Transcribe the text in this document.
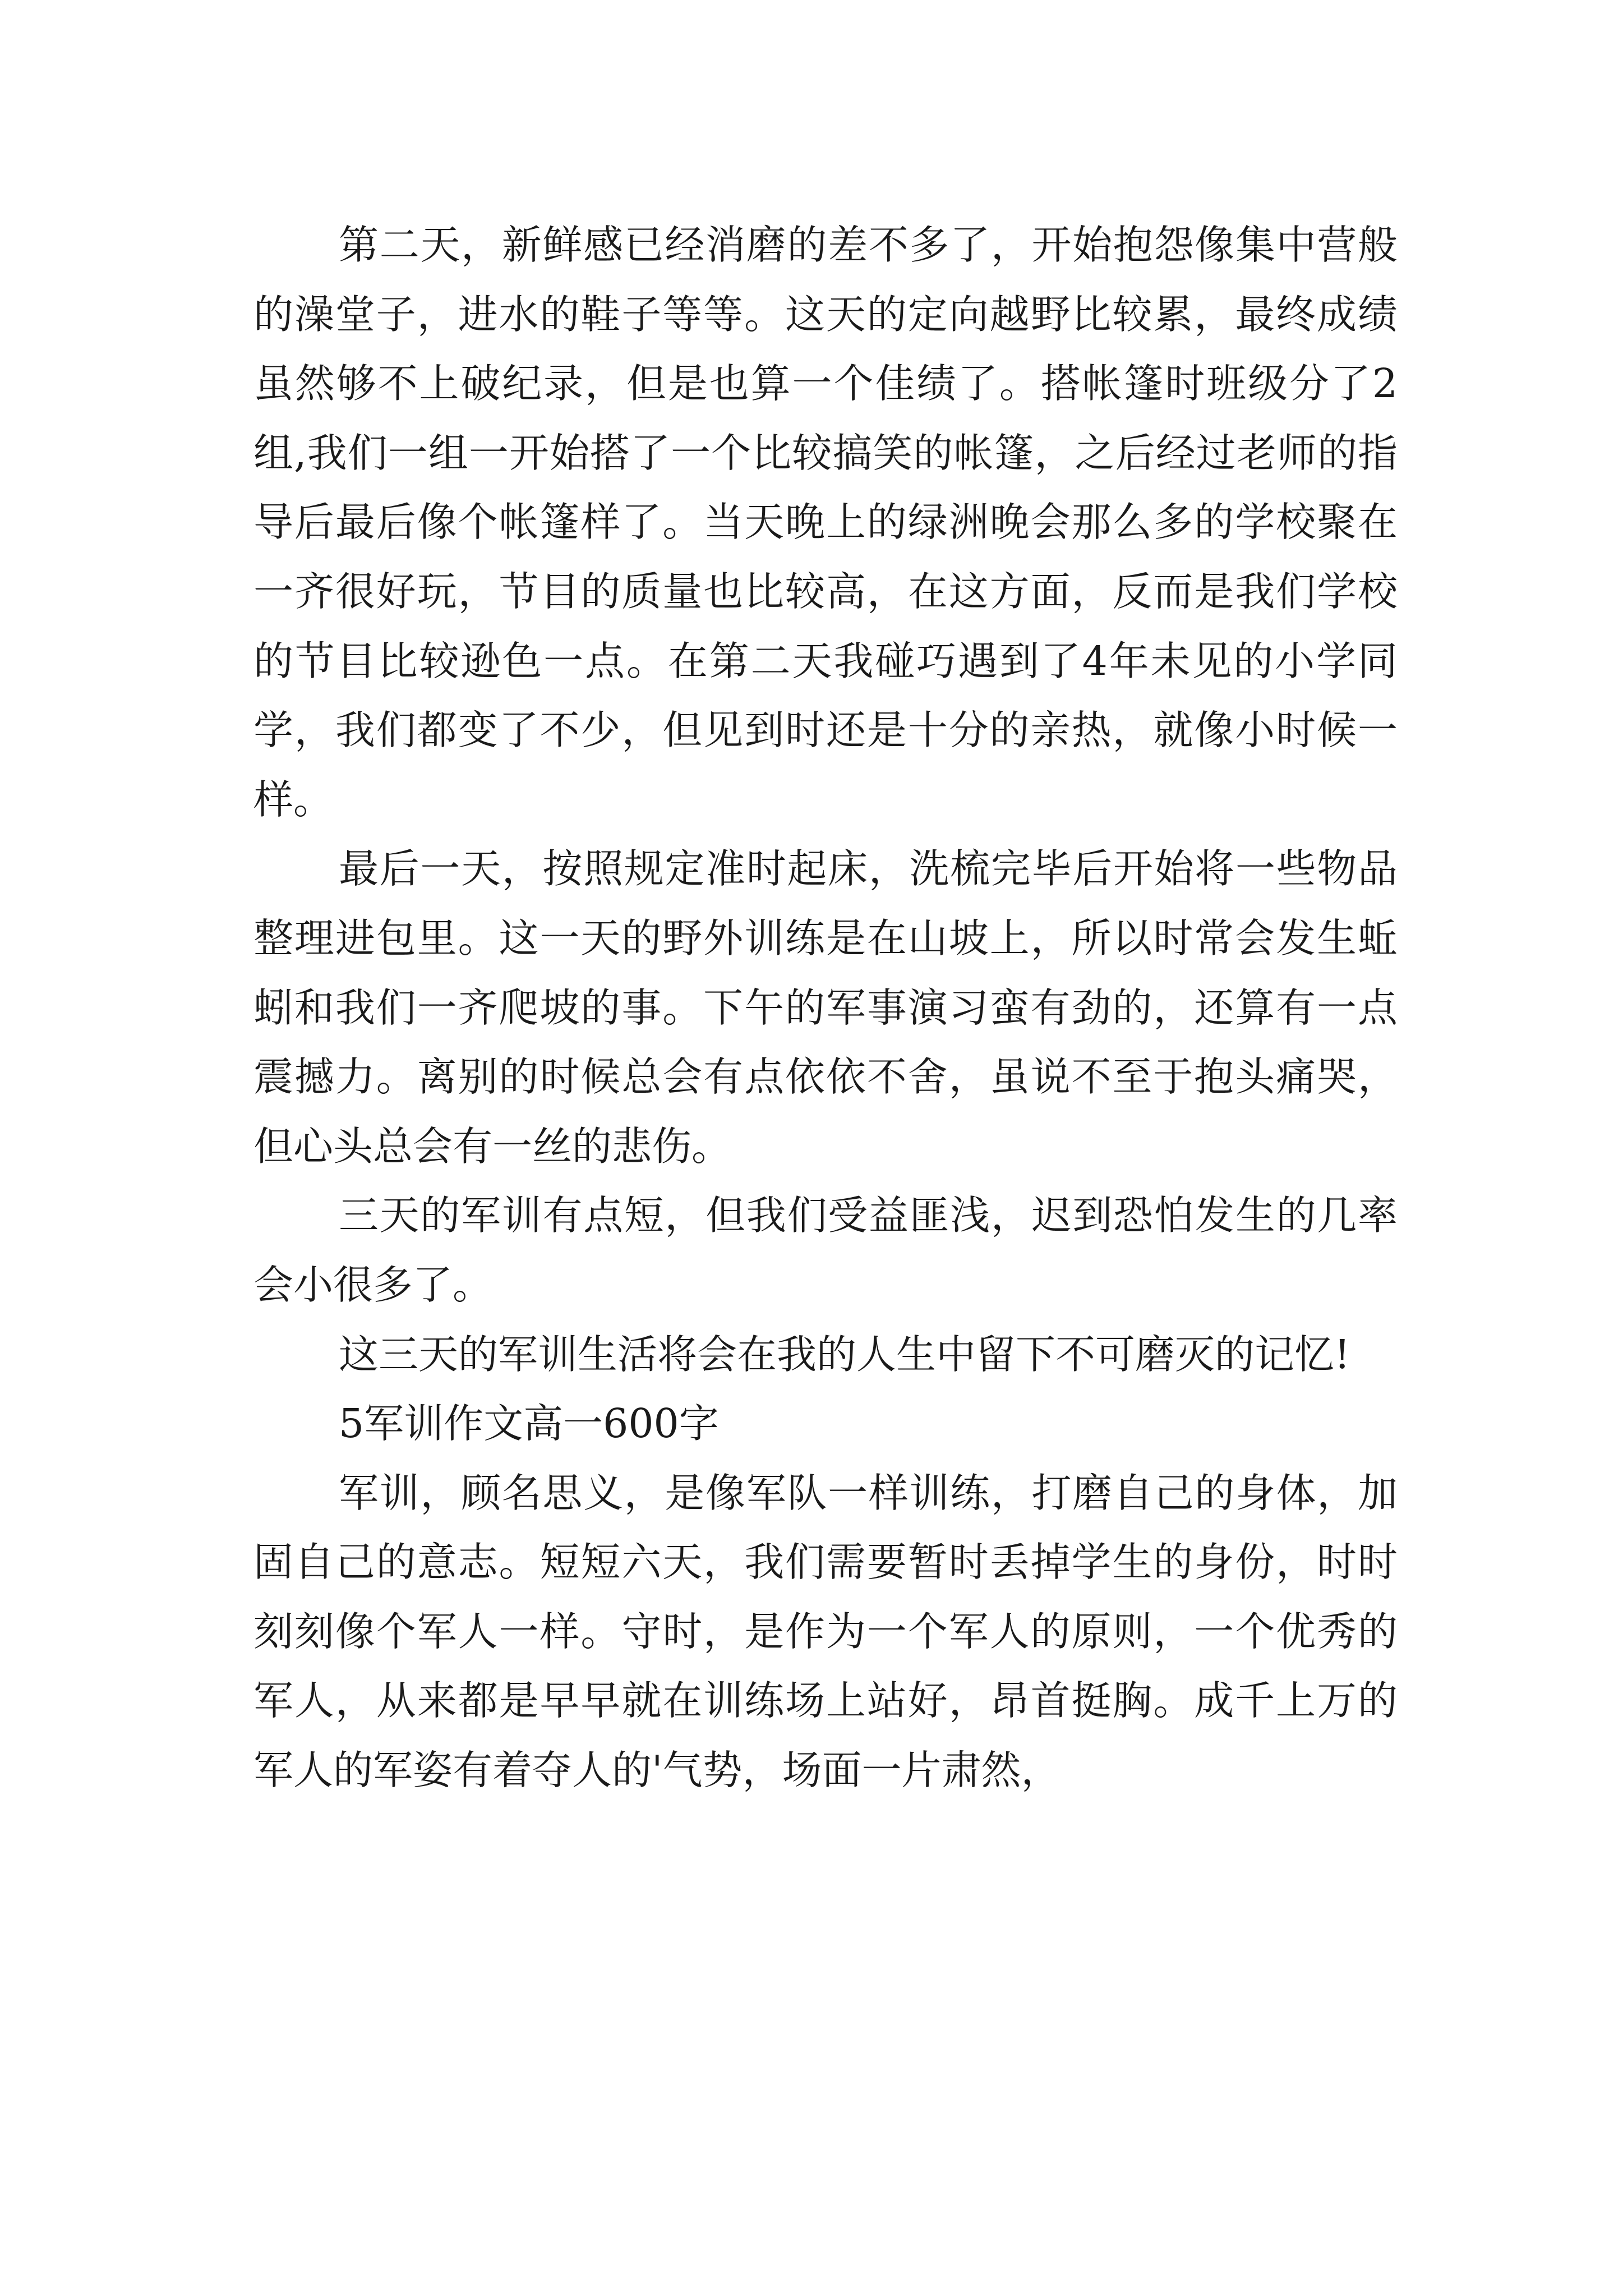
第二天，新鲜感已经消磨的差不多了，开始抱怨像集中营般的澡堂子，进水的鞋子等等。这天的定向越野比较累，最终成绩虽然够不上破纪录，但是也算一个佳绩了。搭帐篷时班级分了2组,我们一组一开始搭了一个比较搞笑的帐篷，之后经过老师的指导后最后像个帐篷样了。当天晚上的绿洲晚会那么多的学校聚在一齐很好玩，节目的质量也比较高，在这方面，反而是我们学校的节目比较逊色一点。在第二天我碰巧遇到了4年未见的小学同学，我们都变了不少，但见到时还是十分的亲热，就像小时候一样。

最后一天，按照规定准时起床，洗梳完毕后开始将一些物品整理进包里。这一天的野外训练是在山坡上，所以时常会发生蚯蚓和我们一齐爬坡的事。下午的军事演习蛮有劲的，还算有一点震撼力。离别的时候总会有点依依不舍，虽说不至于抱头痛哭，但心头总会有一丝的悲伤。

三天的军训有点短，但我们受益匪浅，迟到恐怕发生的几率会小很多了。

这三天的军训生活将会在我的人生中留下不可磨灭的记忆!

5军训作文高一600字

军训，顾名思义，是像军队一样训练，打磨自己的身体，加固自己的意志。短短六天，我们需要暂时丢掉学生的身份，时时刻刻像个军人一样。守时，是作为一个军人的原则，一个优秀的军人，从来都是早早就在训练场上站好，昂首挺胸。成千上万的军人的军姿有着夺人的'气势，场面一片肃然，
